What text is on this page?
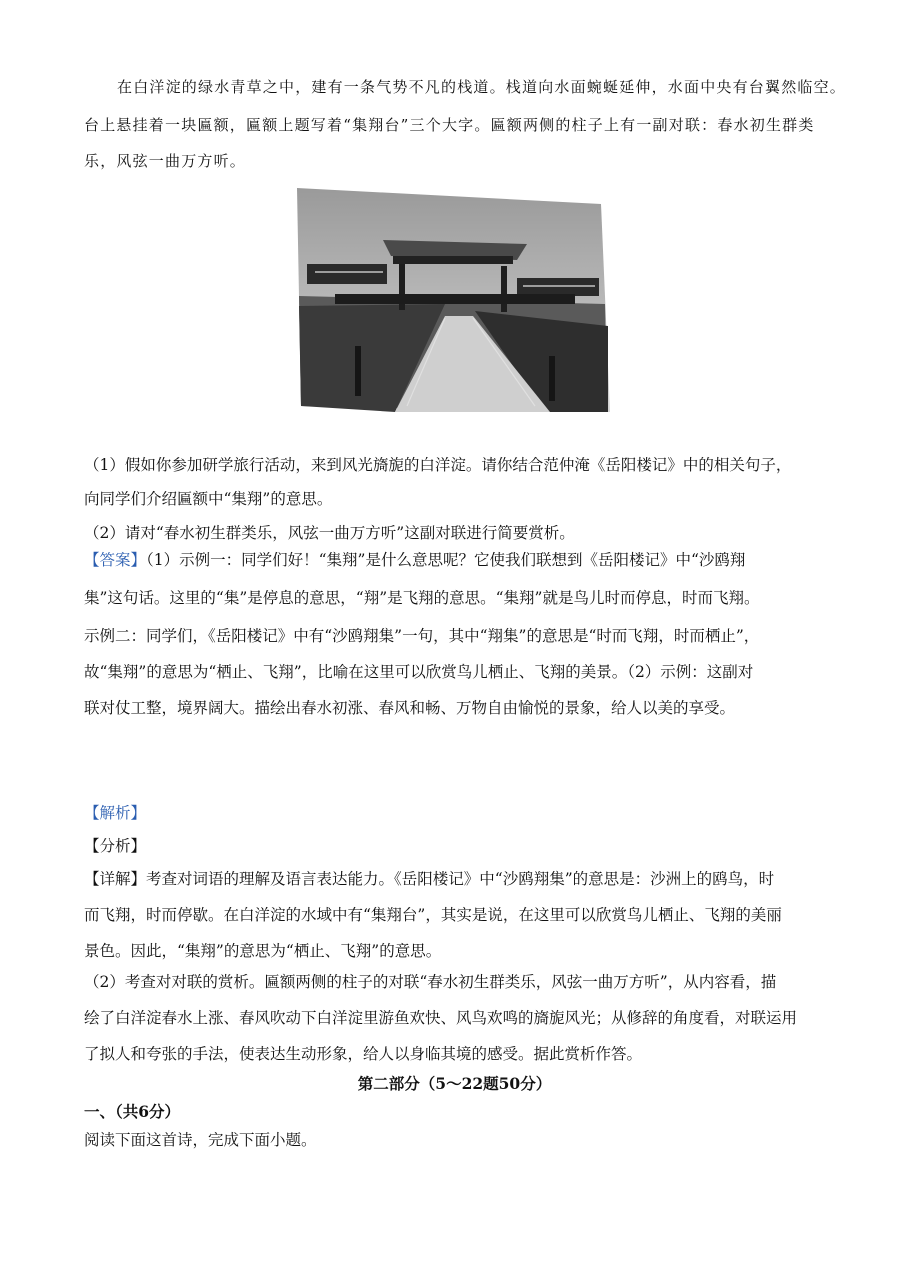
在白洋淀的绿水青草之中，建有一条气势不凡的栈道。栈道向水面蜿蜒延伸，水面中央有台翼然临空。
台上悬挂着一块匾额，匾额上题写着“集翔台”三个大字。匾额两侧的柱子上有一副对联：春水初生群类
乐，风弦一曲万方听。
（1）假如你参加研学旅行活动，来到风光旖旎的白洋淀。请你结合范仲淹《岳阳楼记》中的相关句子，
向同学们介绍匾额中“集翔”的意思。
（2）请对“春水初生群类乐，风弦一曲万方听”这副对联进行简要赏析。
【答案】（1）示例一：同学们好！“集翔”是什么意思呢？它使我们联想到《岳阳楼记》中“沙鸥翔
集”这句话。这里的“集”是停息的意思，“翔”是飞翔的意思。“集翔”就是鸟儿时而停息，时而飞翔。
示例二：同学们，《岳阳楼记》中有“沙鸥翔集”一句，其中“翔集”的意思是“时而飞翔，时而栖止”，
故“集翔”的意思为“栖止、飞翔”，比喻在这里可以欣赏鸟儿栖止、飞翔的美景。（2）示例：这副对
联对仗工整，境界阔大。描绘出春水初涨、春风和畅、万物自由愉悦的景象，给人以美的享受。
【解析】
【分析】
【详解】考查对词语的理解及语言表达能力。《岳阳楼记》中“沙鸥翔集”的意思是：沙洲上的鸥鸟，时
而飞翔，时而停歇。在白洋淀的水域中有“集翔台”，其实是说，在这里可以欣赏鸟儿栖止、飞翔的美丽
景色。因此，“集翔”的意思为“栖止、飞翔”的意思。
（2）考查对对联的赏析。匾额两侧的柱子的对联“春水初生群类乐，风弦一曲万方听”，从内容看，描
绘了白洋淀春水上涨、春风吹动下白洋淀里游鱼欢快、风鸟欢鸣的旖旎风光；从修辞的角度看，对联运用
了拟人和夸张的手法，使表达生动形象，给人以身临其境的感受。据此赏析作答。
第二部分（5～22题50分）
一、（共6分）
阅读下面这首诗，完成下面小题。
